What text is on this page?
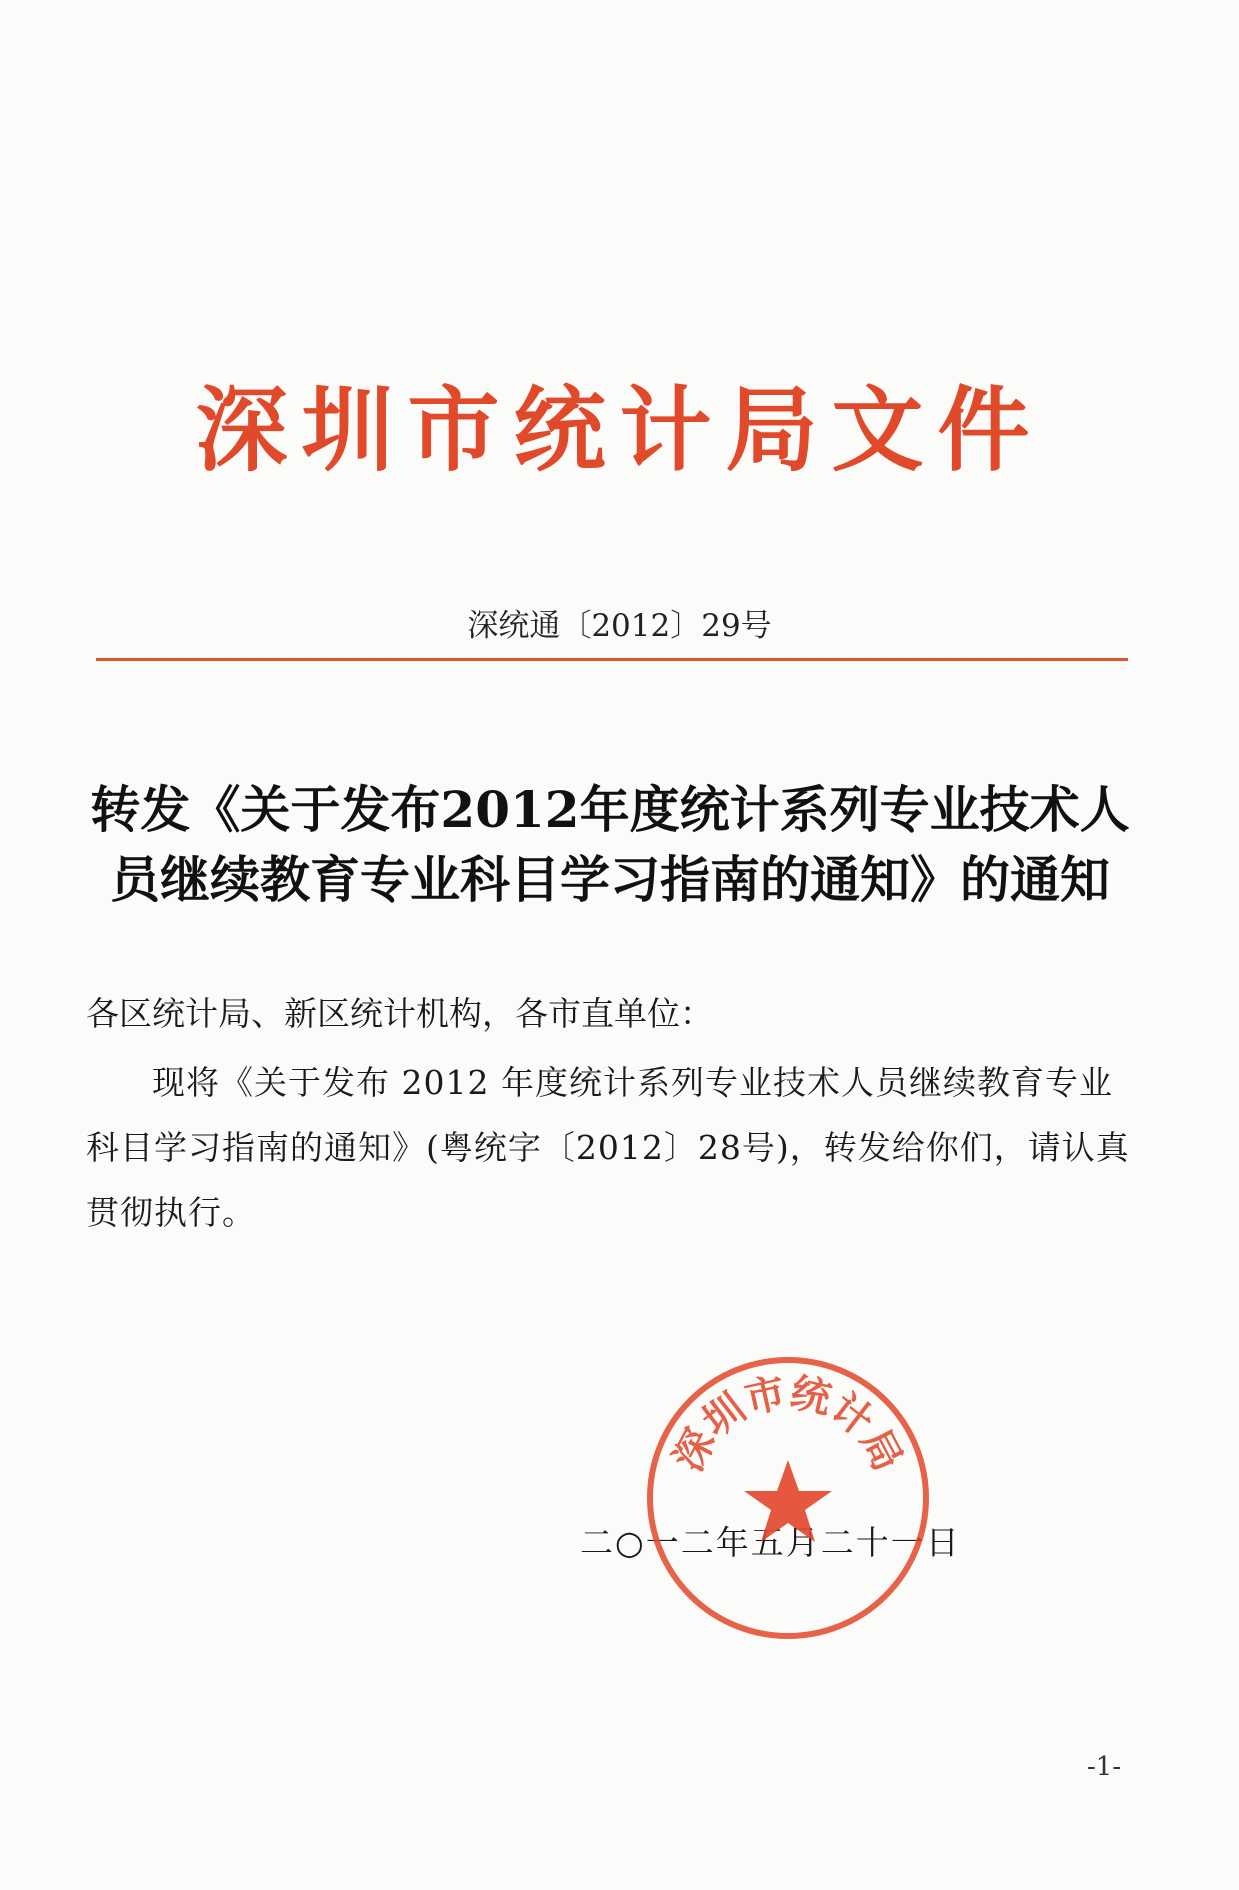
深圳市统计局文件
深统通〔2012〕29号
转发《关于发布2012年度统计系列专业技术人
员继续教育专业科目学习指南的通知》的通知
各区统计局、新区统计机构，各市直单位：
现将《关于发布 2012 年度统计系列专业技术人员继续教育专业科目学习指南的通知》(粤统字〔2012〕28号)，转发给你们，请认真贯彻执行。
二○一二年五月二十一日
深圳市统计局
-1-
